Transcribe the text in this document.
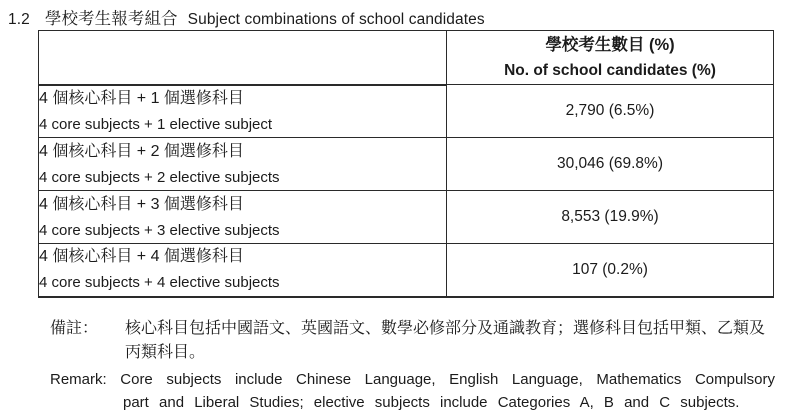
1.2 學校考生報考組合 Subject combinations of school candidates

	學校考生數目 (%)
No. of school candidates (%)

4 個核心科目 + 1 個選修科目
4 core subjects + 1 elective subject	2,790 (6.5%)

4 個核心科目 + 2 個選修科目
4 core subjects + 2 elective subjects	30,046 (69.8%)

4 個核心科目 + 3 個選修科目
4 core subjects + 3 elective subjects	8,553 (19.9%)

4 個核心科目 + 4 個選修科目
4 core subjects + 4 elective subjects	107 (0.2%)
備註：	核心科目包括中國語文、英國語文、數學必修部分及通識教育；選修科目包括甲類、乙類及丙類科目。
Remark: Core subjects include Chinese Language, English Language, Mathematics Compulsory part and Liberal Studies; elective subjects include Categories A, B and C subjects.
